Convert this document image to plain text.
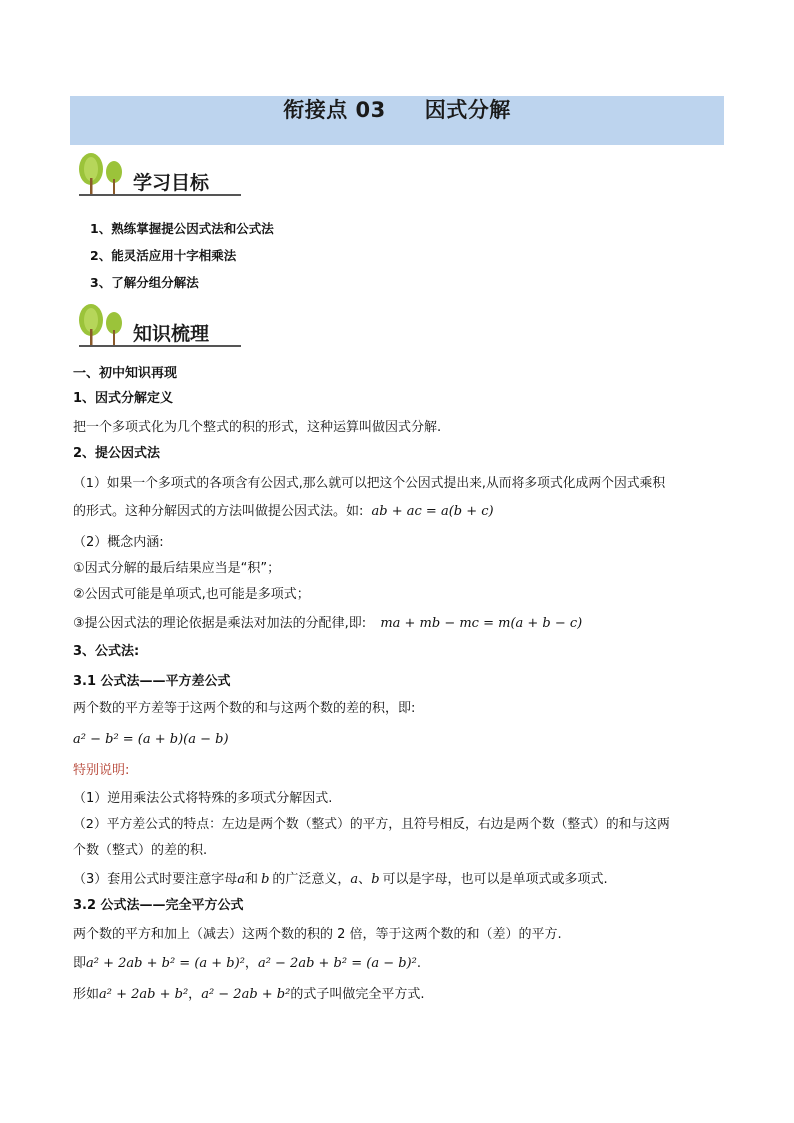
衔接点 03     因式分解
学习目标
1、熟练掌握提公因式法和公式法
2、能灵活应用十字相乘法
3、了解分组分解法
知识梳理
一、初中知识再现
1、因式分解定义
把一个多项式化为几个整式的积的形式，这种运算叫做因式分解.
2、提公因式法
（1）如果一个多项式的各项含有公因式,那么就可以把这个公因式提出来,从而将多项式化成两个因式乘积
的形式。这种分解因式的方法叫做提公因式法。如: ab + ac = a(b + c)
（2）概念内涵:
①因式分解的最后结果应当是“积”；
②公因式可能是单项式,也可能是多项式；
③提公因式法的理论依据是乘法对加法的分配律,即: ma + mb − mc = m(a + b − c)
3、公式法:
3.1 公式法——平方差公式
两个数的平方差等于这两个数的和与这两个数的差的积，即:
a² − b² = (a + b)(a − b)
特别说明:
（1）逆用乘法公式将特殊的多项式分解因式.
（2）平方差公式的特点：左边是两个数（整式）的平方，且符号相反，右边是两个数（整式）的和与这两
个数（整式）的差的积.
（3）套用公式时要注意字母a和 b 的广泛意义，a、b 可以是字母，也可以是单项式或多项式.
3.2 公式法——完全平方公式
两个数的平方和加上（减去）这两个数的积的 2 倍，等于这两个数的和（差）的平方.
即a² + 2ab + b² = (a + b)²，a² − 2ab + b² = (a − b)².
形如a² + 2ab + b²，a² − 2ab + b²的式子叫做完全平方式.
